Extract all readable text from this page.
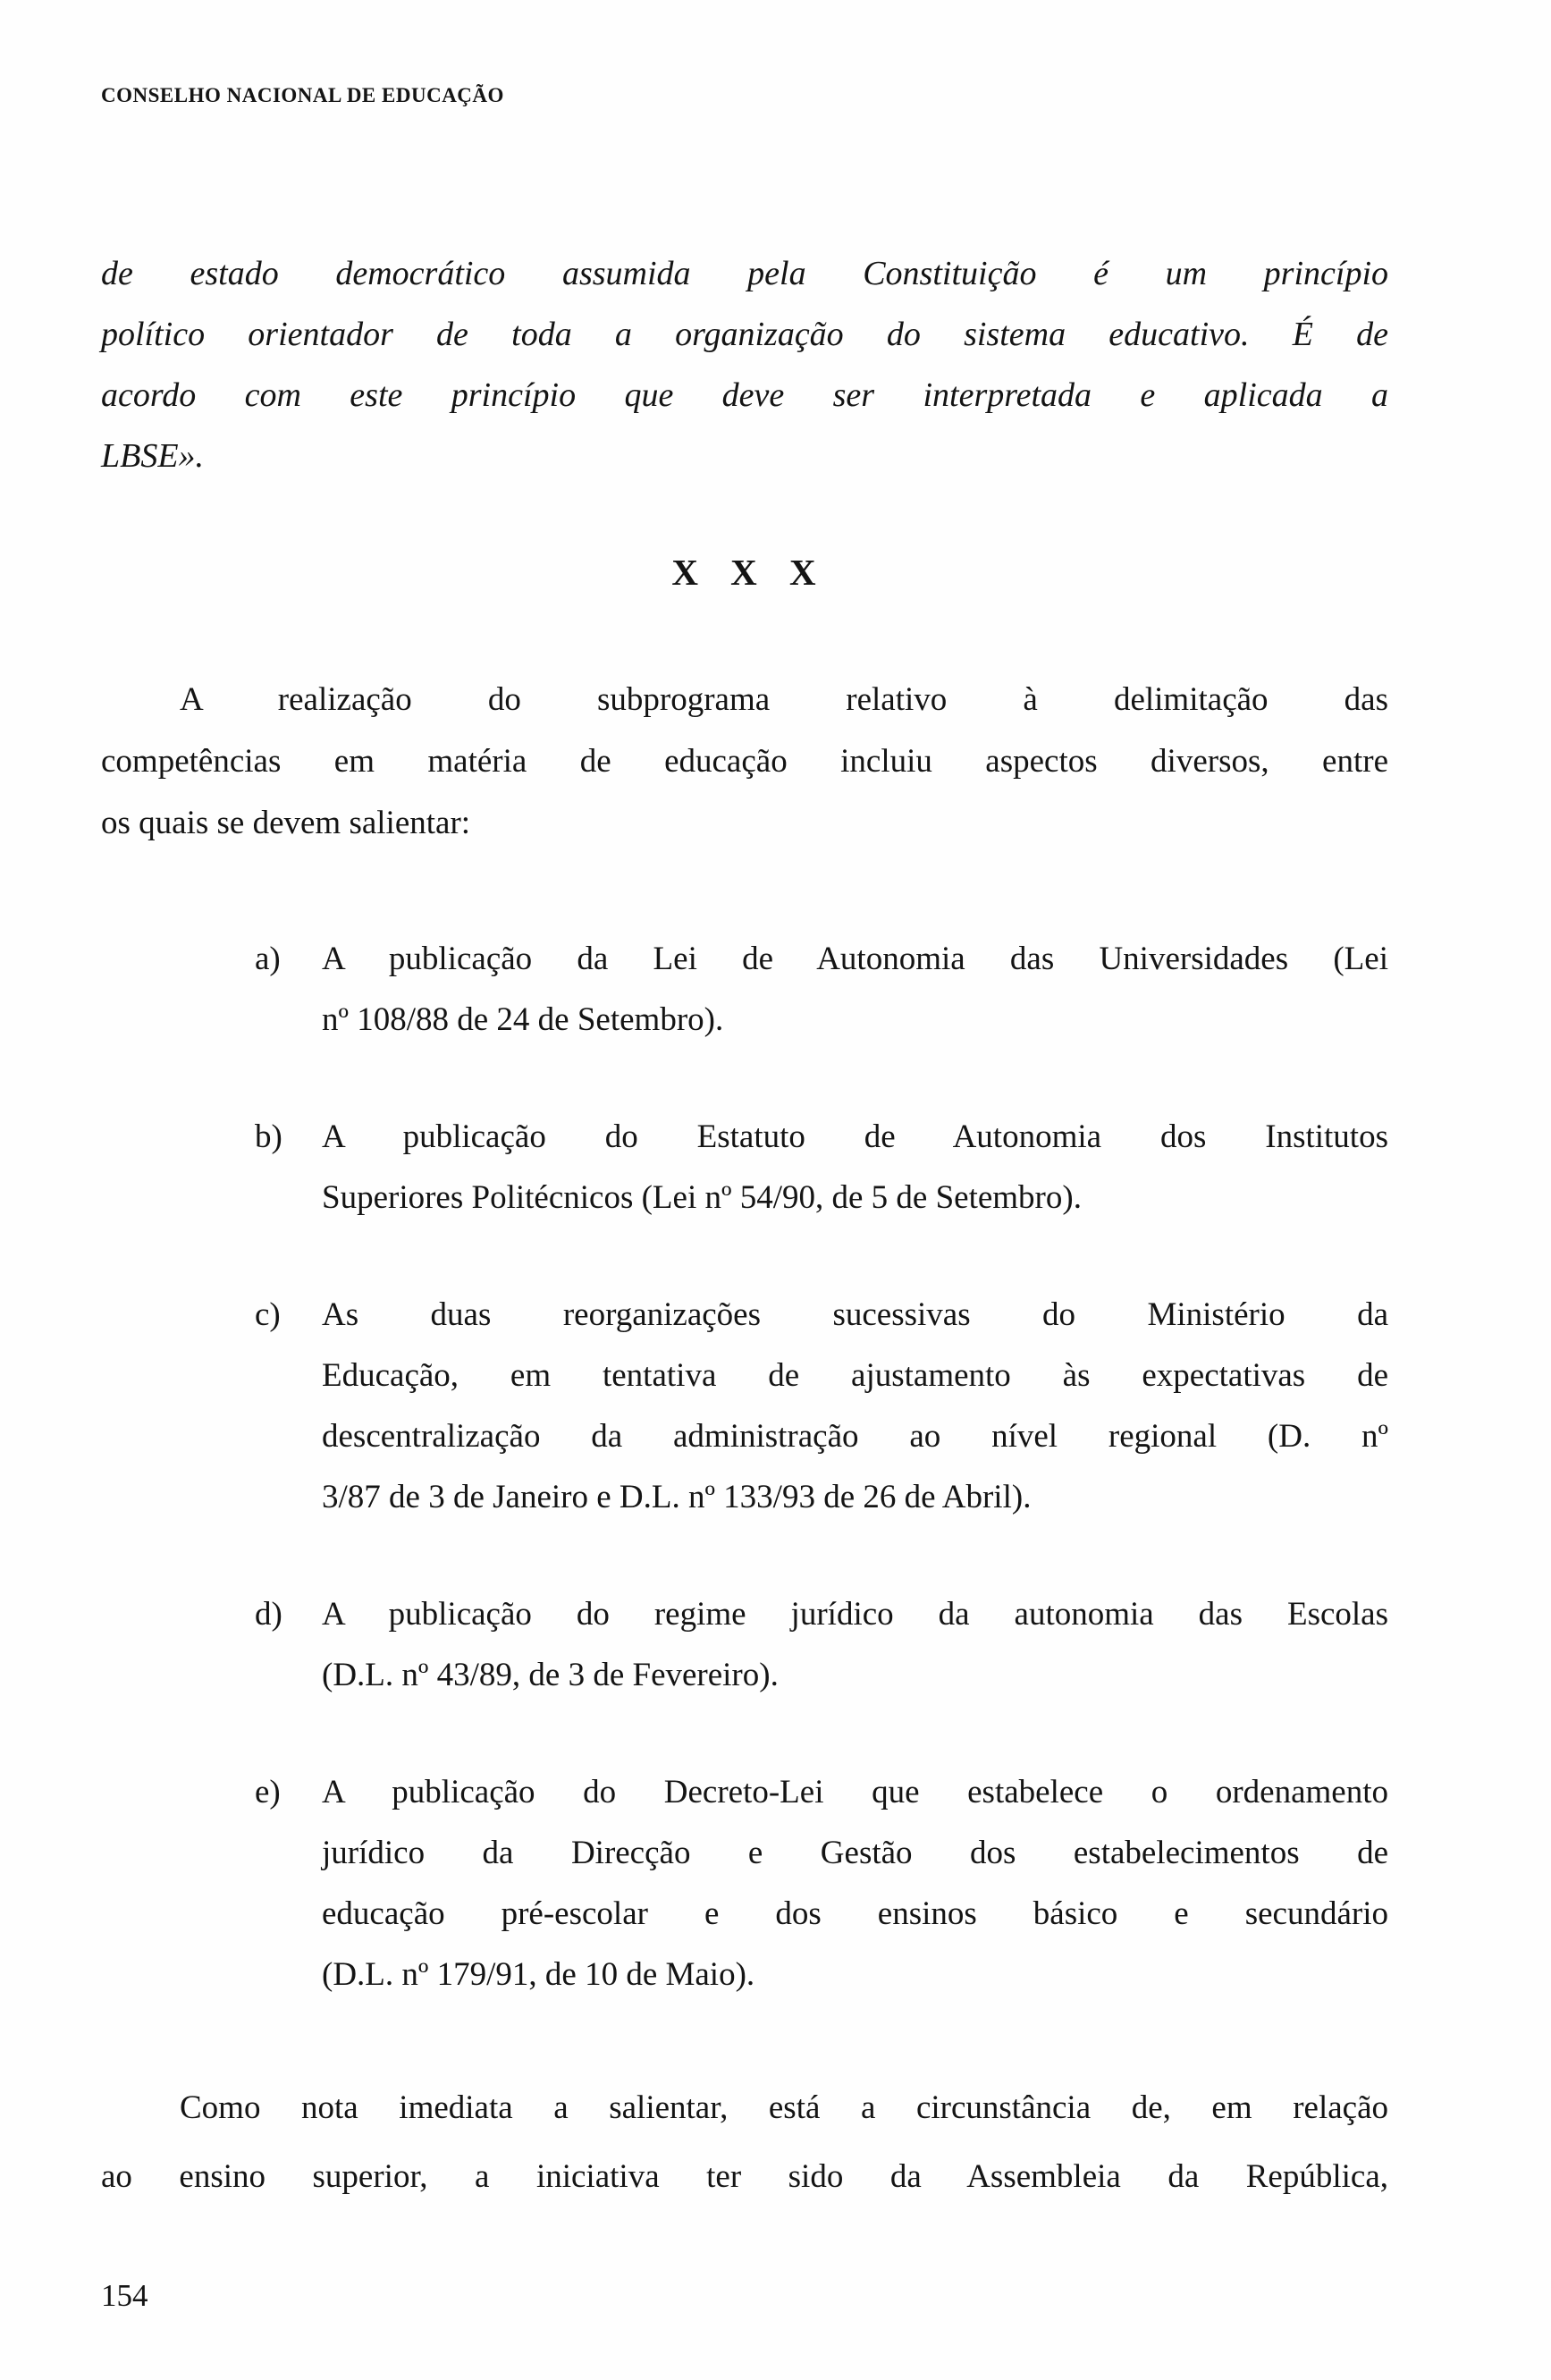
CONSELHO NACIONAL DE EDUCAÇÃO
de estado democrático assumida pela Constituição é um princípio
político orientador de toda a organização do sistema educativo. É de
acordo com este princípio que deve ser interpretada e aplicada a
LBSE».
X X X
A realização do subprograma relativo à delimitação das
competências em matéria de educação incluiu aspectos diversos, entre
os quais se devem salientar:
a)	A publicação da Lei de Autonomia das Universidades (Lei
nº 108/88 de 24 de Setembro).
b)	A publicação do Estatuto de Autonomia dos Institutos
Superiores Politécnicos (Lei nº 54/90, de 5 de Setembro).
c)	As duas reorganizações sucessivas do Ministério da
Educação, em tentativa de ajustamento às expectativas de
descentralização da administração ao nível regional (D. nº
3/87 de 3 de Janeiro e D.L. nº 133/93 de 26 de Abril).
d)	A publicação do regime jurídico da autonomia das Escolas
(D.L. nº 43/89, de 3 de Fevereiro).
e)	A publicação do Decreto-Lei que estabelece o ordenamento
jurídico da Direcção e Gestão dos estabelecimentos de
educação pré-escolar e dos ensinos básico e secundário
(D.L. nº 179/91, de 10 de Maio).
Como nota imediata a salientar, está a circunstância de, em relação
ao ensino superior, a iniciativa ter sido da Assembleia da República,
154
